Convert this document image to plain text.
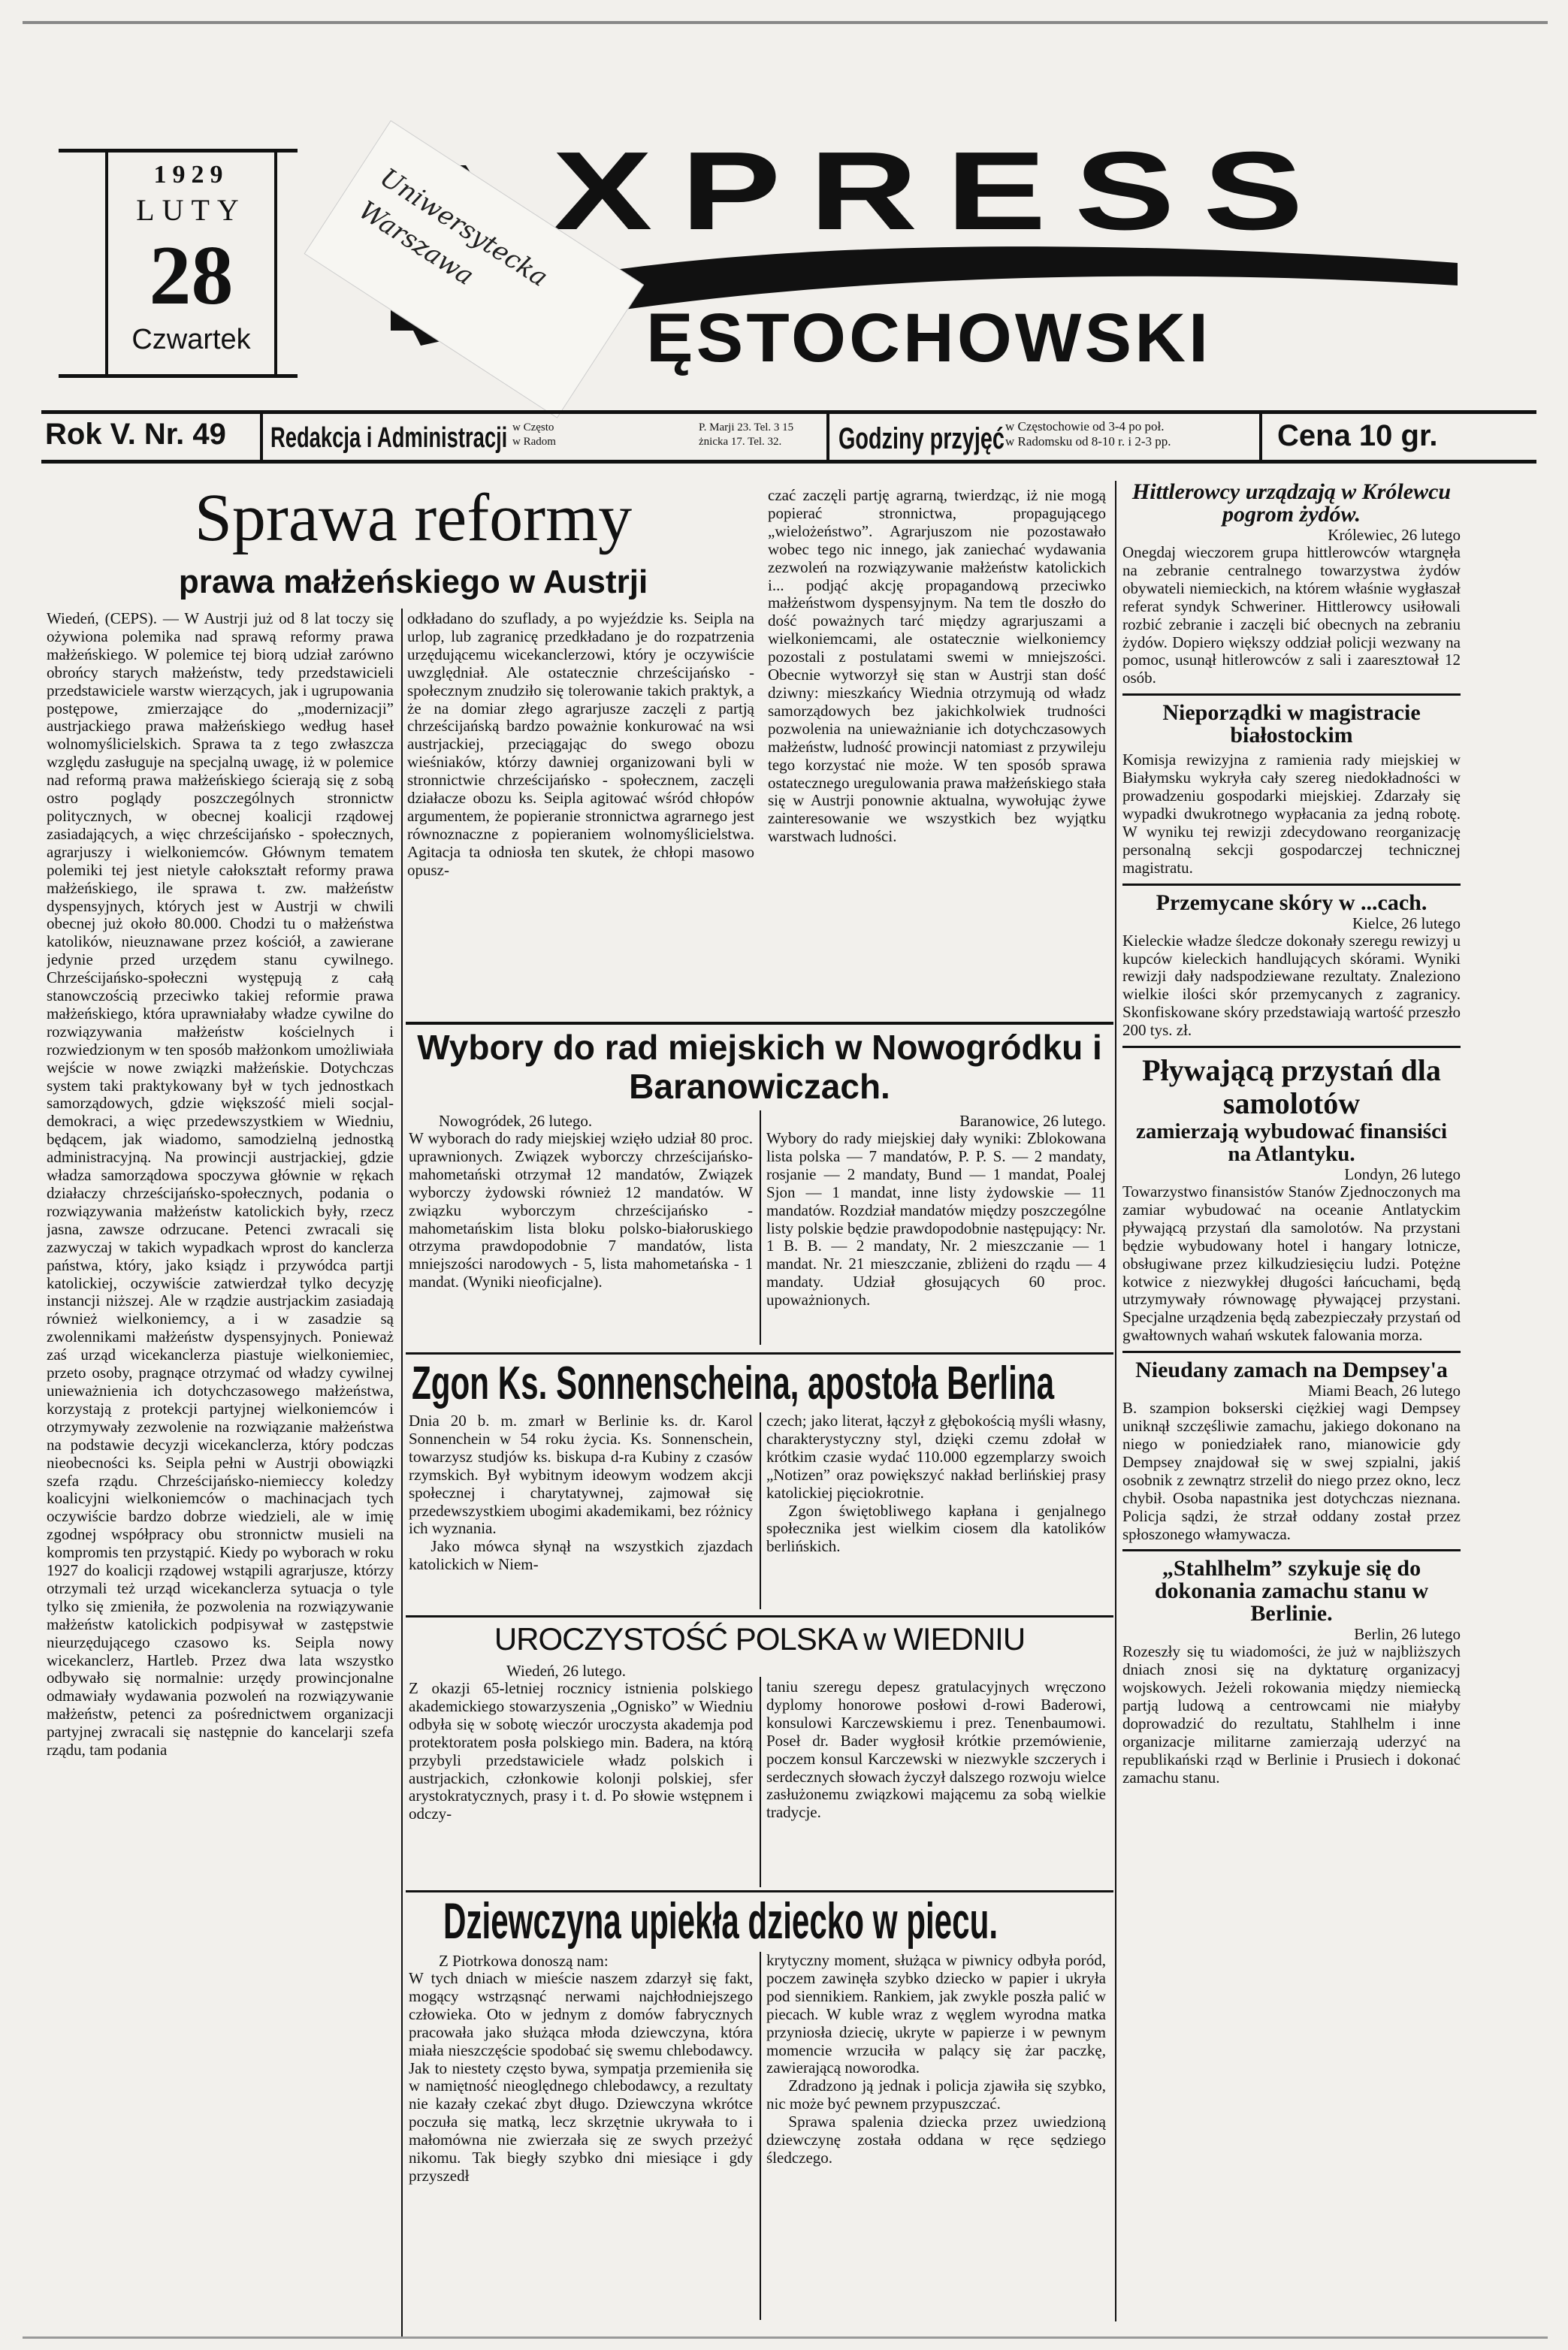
1929
LUTY
28
Czwartek
XPRESS
ĘSTOCHOWSKI
Uniwersytecka Warszawa
Rok V. Nr. 49 Redakcja i Administracji w Często
w Radom
P. Marji 23. Tel. 3 15
żnicka 17. Tel. 32.	Godziny przyjęć w Częstochowie od 3-4 po poł.
w Radomsku od 8-10 r. i 2-3 pp.	Cena 10 gr.
Sprawa reformy
prawa małżeńskiego w Austrji

Wiedeń, (CEPS). — W Austrji już od 8 lat toczy się ożywiona polemika nad sprawą reformy prawa małżeńskiego. W polemice tej biorą udział zarówno obrońcy starych małżeństw, tedy przedstawicieli przedstawiciele warstw wierzących, jak i ugrupowania postępowe, zmierzające do „modernizacji” austrjackiego prawa małżeńskiego według haseł wolnomyślicielskich. Sprawa ta z tego zwłaszcza względu zasługuje na specjalną uwagę, iż w polemice nad reformą prawa małżeńskiego ścierają się z sobą ostro poglądy poszczególnych stronnictw politycznych, w obecnej koalicji rządowej zasiadających, a więc chrześcijańsko - społecznych, agrarjuszy i wielkoniemców. Głównym tematem polemiki tej jest nietyle całokształt reformy prawa małżeńskiego, ile sprawa t. zw. małżeństw dyspensyjnych, których jest w Austrji w chwili obecnej już około 80.000. Chodzi tu o małżeństwa katolików, nieuznawane przez kościół, a zawierane jedynie przed urzędem stanu cywilnego. Chrześcijańsko-społeczni występują z całą stanowczością przeciwko takiej reformie prawa małżeńskiego, która uprawniałaby władze cywilne do rozwiązywania małżeństw kościelnych i rozwiedzionym w ten sposób małżonkom umożliwiała wejście w nowe związki małżeńskie. Dotychczas system taki praktykowany był w tych jednostkach samorządowych, gdzie większość mieli socjal-demokraci, a więc przedewszystkiem w Wiedniu, będącem, jak wiadomo, samodzielną jednostką administracyjną. Na prowincji austrjackiej, gdzie władza samorządowa spoczywa głównie w rękach działaczy chrześcijańsko-społecznych, podania o rozwiązywania małżeństw katolickich były, rzecz jasna, zawsze odrzucane. Petenci zwracali się zazwyczaj w takich wypadkach wprost do kanclerza państwa, który, jako ksiądz i przywódca partji katolickiej, oczywiście zatwierdzał tylko decyzję instancji niższej. Ale w rządzie austrjackim zasiadają również wielkoniemcy, a i w zasadzie są zwolennikami małżeństw dyspensyjnych. Ponieważ zaś urząd wicekanclerza piastuje wielkoniemiec, przeto osoby, pragnące otrzymać od władzy cywilnej unieważnienia ich dotychczasowego małżeństwa, korzystają z protekcji partyjnej wielkoniemców i otrzymywały zezwolenie na rozwiązanie małżeństwa na podstawie decyzji wicekanclerza, który podczas nieobecności ks. Seipla pełni w Austrji obowiązki szefa rządu. Chrześcijańsko-niemieccy koledzy koalicyjni wielkoniemców o machinacjach tych oczywiście bardzo dobrze wiedzieli, ale w imię zgodnej współpracy obu stronnictw musieli na kompromis ten przystąpić. Kiedy po wyborach w roku 1927 do koalicji rządowej wstąpili agrarjusze, którzy otrzymali też urząd wicekanclerza sytuacja o tyle tylko się zmieniła, że pozwolenia na rozwiązywanie małżeństw katolickich podpisywał w zastępstwie nieurzędującego czasowo ks. Seipla nowy wicekanclerz, Hartleb. Przez dwa lata wszystko odbywało się normalnie: urzędy prowincjonalne odmawiały wydawania pozwoleń na rozwiązywanie małżeństw, petenci za pośrednictwem organizacji partyjnej zwracali się następnie do kancelarji szefa rządu, tam podania

odkładano do szuflady, a po wyjeździe ks. Seipla na urlop, lub zagranicę przedkładano je do rozpatrzenia urzędującemu wicekanclerzowi, który je oczywiście uwzględniał. Ale ostatecznie chrześcijańsko - społecznym znudziło się tolerowanie takich praktyk, a że na domiar złego agrarjusze zaczęli z partją chrześcijańską bardzo poważnie konkurować na wsi austrjackiej, przeciągając do swego obozu wieśniaków, którzy dawniej organizowani byli w stronnictwie chrześcijańsko - społecznem, zaczęli działacze obozu ks. Seipla agitować wśród chłopów argumentem, że popieranie stronnictwa agrarnego jest równoznaczne z popieraniem wolnomyślicielstwa. Agitacja ta odniosła ten skutek, że chłopi masowo opusz-

czać zaczęli partję agrarną, twierdząc, iż nie mogą popierać stronnictwa, propagującego „wielożeństwo”. Agrarjuszom nie pozostawało wobec tego nic innego, jak zaniechać wydawania zezwoleń na rozwiązywanie małżeństw katolickich i... podjąć akcję propagandową przeciwko małżeństwom dyspensyjnym. Na tem tle doszło do dość poważnych tarć między agrarjuszami a wielkoniemcami, ale ostatecznie wielkoniemcy pozostali z postulatami swemi w mniejszości. Obecnie wytworzył się stan w Austrji stan dość dziwny: mieszkańcy Wiednia otrzymują od władz samorządowych bez jakichkolwiek trudności pozwolenia na unieważnianie ich dotychczasowych małżeństw, ludność prowincji natomiast z przywileju tego korzystać nie może. W ten sposób sprawa ostatecznego uregulowania prawa małżeńskiego stała się w Austrji ponownie aktualna, wywołując żywe zainteresowanie we wszystkich bez wyjątku warstwach ludności.

Wybory do rad miejskich w Nowogródku i Baranowiczach.
Nowogródek, 26 lutego.

W wyborach do rady miejskiej wzięło udział 80 proc. uprawnionych. Związek wyborczy chrześcijańsko-mahometański otrzymał 12 mandatów, Związek wyborczy żydowski również 12 mandatów. W związku wyborczym chrześcijańsko - mahometańskim lista bloku polsko-białoruskiego otrzyma prawdopodobnie 7 mandatów, lista mniejszości narodowych - 5, lista mahometańska - 1 mandat. (Wyniki nieoficjalne).

Baranowice, 26 lutego.

Wybory do rady miejskiej dały wyniki: Zblokowana lista polska — 7 mandatów, P. P. S. — 2 mandaty, rosjanie — 2 mandaty, Bund — 1 mandat, Poalej Sjon — 1 mandat, inne listy żydowskie — 11 mandatów. Rozdział mandatów między poszczególne listy polskie będzie prawdopodobnie następujący: Nr. 1 B. B. — 2 mandaty, Nr. 2 mieszczanie — 1 mandat. Nr. 21 mieszczanie, zbliżeni do rządu — 4 mandaty. Udział głosujących 60 proc. upoważnionych.

Zgon Ks. Sonnenscheina, apostoła Berlina

Dnia 20 b. m. zmarł w Berlinie ks. dr. Karol Sonnenchein w 54 roku życia. Ks. Sonnenschein, towarzysz studjów ks. biskupa d-ra Kubiny z czasów rzymskich. Był wybitnym ideowym wodzem akcji społecznej i charytatywnej, zajmował się przedewszystkiem ubogimi akademikami, bez różnicy ich wyznania.

Jako mówca słynął na wszystkich zjazdach katolickich w Niem-

czech; jako literat, łączył z głębokością myśli własny, charakterystyczny styl, dzięki czemu zdołał w krótkim czasie wydać 110.000 egzemplarzy swoich „Notizen” oraz powiększyć nakład berlińskiej prasy katolickiej pięciokrotnie.

Zgon świętobliwego kapłana i genjalnego społecznika jest wielkim ciosem dla katolików berlińskich.

UROCZYSTOŚĆ POLSKA w WIEDNIU
Wiedeń, 26 lutego.

Z okazji 65-letniej rocznicy istnienia polskiego akademickiego stowarzyszenia „Ognisko” w Wiedniu odbyła się w sobotę wieczór uroczysta akademja pod protektoratem posła polskiego min. Badera, na którą przybyli przedstawiciele władz polskich i austrjackich, członkowie kolonji polskiej, sfer arystokratycznych, prasy i t. d. Po słowie wstępnem i odczy-

taniu szeregu depesz gratulacyjnych wręczono dyplomy honorowe posłowi d-rowi Baderowi, konsulowi Karczewskiemu i prez. Tenenbaumowi. Poseł dr. Bader wygłosił krótkie przemówienie, poczem konsul Karczewski w niezwykle szczerych i serdecznych słowach życzył dalszego rozwoju wielce zasłużonemu związkowi mającemu za sobą wielkie tradycje.

Dziewczyna upiekła dziecko w piecu.
Z Piotrkowa donoszą nam:

W tych dniach w mieście naszem zdarzył się fakt, mogący wstrząsnąć nerwami najchłodniejszego człowieka. Oto w jednym z domów fabrycznych pracowała jako służąca młoda dziewczyna, która miała nieszczęście spodobać się swemu chlebodawcy. Jak to niestety często bywa, sympatja przemieniła się w namiętność nieoględnego chlebodawcy, a rezultaty nie kazały czekać zbyt długo. Dziewczyna wkrótce poczuła się matką, lecz skrzętnie ukrywała to i małomówna nie zwierzała się ze swych przeżyć nikomu. Tak biegły szybko dni miesiące i gdy przyszedł

krytyczny moment, służąca w piwnicy odbyła poród, poczem zawinęła szybko dziecko w papier i ukryła pod siennikiem. Rankiem, jak zwykle poszła palić w piecach. W kuble wraz z węglem wyrodna matka przyniosła dziecię, ukryte w papierze i w pewnym momencie wrzuciła w palący się żar paczkę, zawierającą noworodka.

Zdradzono ją jednak i policja zjawiła się szybko, nic może być pewnem przypuszczać.

Sprawa spalenia dziecka przez uwiedzioną dziewczynę została oddana w ręce sędziego śledczego.

Hittlerowcy urządzają w Królewcu pogrom żydów.
Królewiec, 26 lutego

Onegdaj wieczorem grupa hittlerowców wtargnęła na zebranie centralnego towarzystwa żydów obywateli niemieckich, na którem właśnie wygłaszał referat syndyk Schweriner. Hittlerowcy usiłowali rozbić zebranie i zaczęli bić obecnych na zebraniu żydów. Dopiero większy oddział policji wezwany na pomoc, usunął hitlerowców z sali i zaaresztował 12 osób.

Nieporządki w magistracie białostockim

Komisja rewizyjna z ramienia rady miejskiej w Białymsku wykryła cały szereg niedokładności w prowadzeniu gospodarki miejskiej. Zdarzały się wypadki dwukrotnego wypłacania za jedną robotę. W wyniku tej rewizji zdecydowano reorganizację personalną sekcji gospodarczej technicznej magistratu.

Przemycane skóry w ...cach.
Kielce, 26 lutego

Kieleckie władze śledcze dokonały szeregu rewizyj u kupców kieleckich handlujących skórami. Wyniki rewizji dały nadspodziewane rezultaty. Znaleziono wielkie ilości skór przemycanych z zagranicy. Skonfiskowane skóry przedstawiają wartość przeszło 200 tys. zł.

Pływającą przystań dla samolotów
zamierzają wybudować finansiści na Atlantyku.
Londyn, 26 lutego

Towarzystwo finansistów Stanów Zjednoczonych ma zamiar wybudować na oceanie Antlatyckim pływającą przystań dla samolotów. Na przystani będzie wybudowany hotel i hangary lotnicze, obsługiwane przez kilkudziesięciu ludzi. Potężne kotwice z niezwykłej długości łańcuchami, będą utrzymywały równowagę pływającej przystani. Specjalne urządzenia będą zabezpieczały przystań od gwałtownych wahań wskutek falowania morza.

Nieudany zamach na Dempsey'a
Miami Beach, 26 lutego

B. szampion bokserski ciężkiej wagi Dempsey uniknął szczęśliwie zamachu, jakiego dokonano na niego w poniedziałek rano, mianowicie gdy Dempsey znajdował się w swej szpialni, jakiś osobnik z zewnątrz strzelił do niego przez okno, lecz chybił. Osoba napastnika jest dotychczas nieznana. Policja sądzi, że strzał oddany został przez spłoszonego włamywacza.

„Stahlhelm” szykuje się do dokonania zamachu stanu w Berlinie.
Berlin, 26 lutego

Rozeszły się tu wiadomości, że już w najbliższych dniach znosi się na dyktaturę organizacyj wojskowych. Jeżeli rokowania między niemiecką partją ludową a centrowcami nie miałyby doprowadzić do rezultatu, Stahlhelm i inne organizacje militarne zamierzają uderzyć na republikański rząd w Berlinie i Prusiech i dokonać zamachu stanu.
